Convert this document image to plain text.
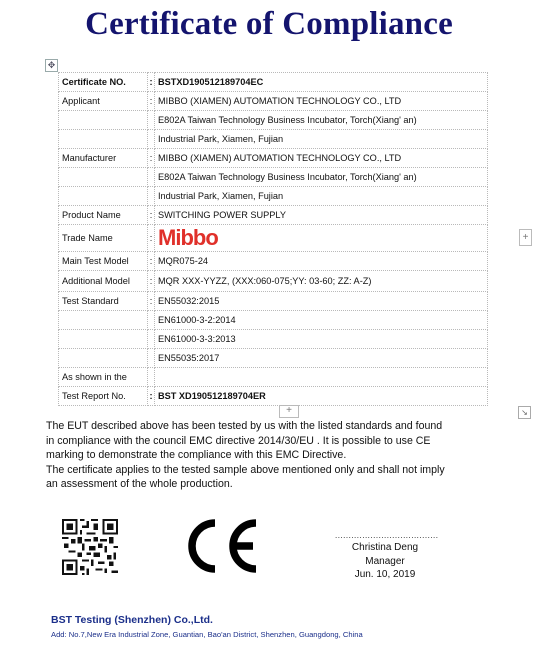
Certificate of Compliance
✥
+
+	↘
Certificate NO.	:	BSTXD190512189704EC
Applicant	:	MIBBO (XIAMEN) AUTOMATION TECHNOLOGY CO., LTD
		E802A Taiwan Technology Business Incubator, Torch(Xiang' an)
		Industrial Park, Xiamen, Fujian
Manufacturer	:	MIBBO (XIAMEN) AUTOMATION TECHNOLOGY CO., LTD
		E802A Taiwan Technology Business Incubator, Torch(Xiang' an)
		Industrial Park, Xiamen, Fujian
Product Name	:	SWITCHING POWER SUPPLY
Trade Name	:	Mibbo
Main Test Model	:	MQR075-24
Additional Model	:	MQR XXX-YYZZ, (XXX:060-075;YY: 03-60; ZZ: A-Z)
Test Standard	:	EN55032:2015
		EN61000-3-2:2014
		EN61000-3-3:2013
		EN55035:2017
As shown in the		
Test Report No.	:	BST XD190512189704ER

The EUT described above has been tested by us with the listed standards and found

in compliance with the council EMC directive 2014/30/EU . It is possible to use CE

marking to demonstrate the compliance with this EMC Directive.

The certificate applies to the tested sample above mentioned only and shall not imply

an assessment of the whole production.

......................................
Christina Deng
Manager
Jun. 10, 2019
BST Testing (Shenzhen) Co.,Ltd.
Add: No.7,New Era Industrial Zone, Guantian, Bao'an District, Shenzhen, Guangdong, China
